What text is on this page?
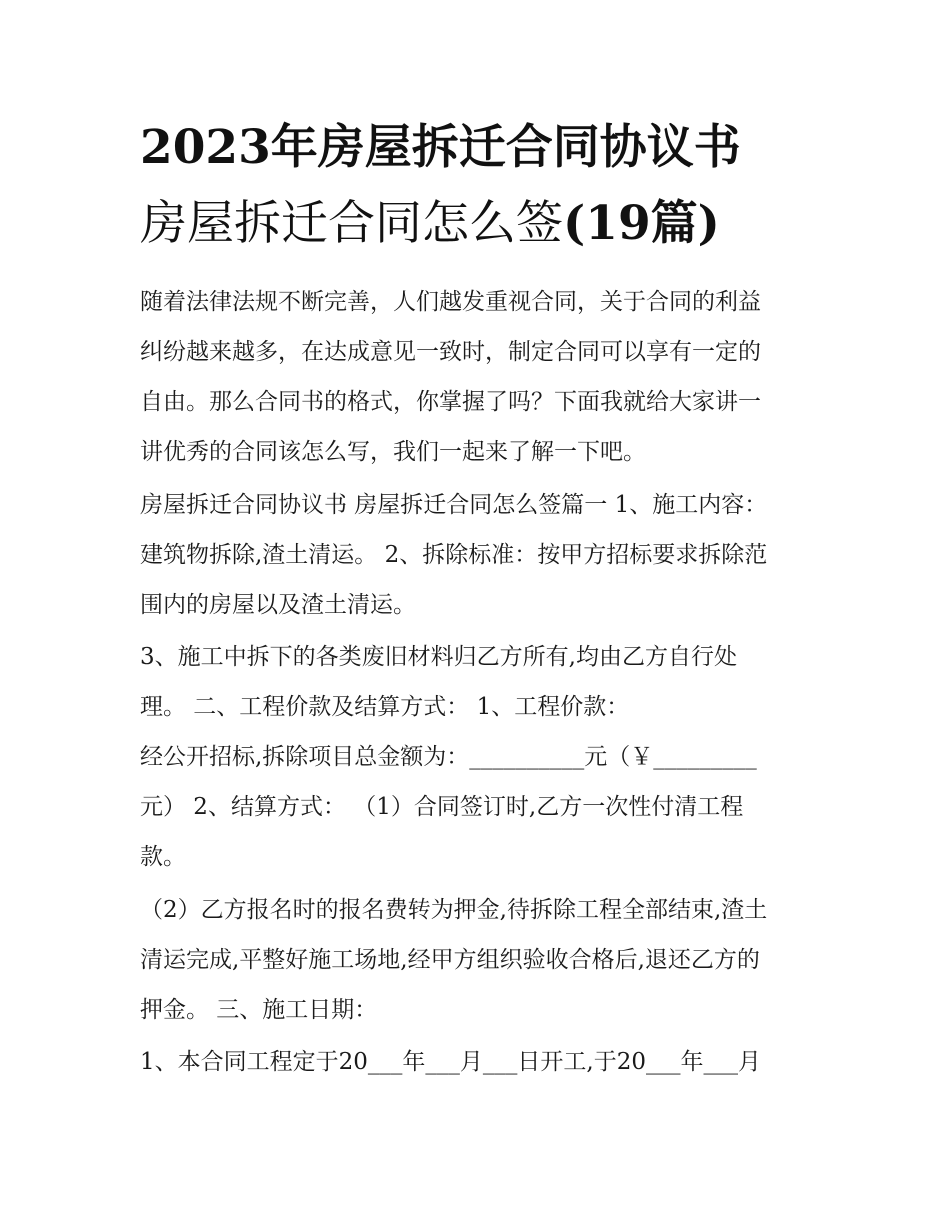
2023年房屋拆迁合同协议书
房屋拆迁合同怎么签(19篇)

随着法律法规不断完善，人们越发重视合同，关于合同的利益

纠纷越来越多，在达成意见一致时，制定合同可以享有一定的

自由。那么合同书的格式，你掌握了吗？下面我就给大家讲一

讲优秀的合同该怎么写，我们一起来了解一下吧。

房屋拆迁合同协议书 房屋拆迁合同怎么签篇一 1、施工内容：

建筑物拆除,渣土清运。 2、拆除标准：按甲方招标要求拆除范

围内的房屋以及渣土清运。

3、施工中拆下的各类废旧材料归乙方所有,均由乙方自行处

理。 二、工程价款及结算方式： 1、工程价款：

经公开招标,拆除项目总金额为：__________元（￥_________

元） 2、结算方式： （1）合同签订时,乙方一次性付清工程

款。

（2）乙方报名时的报名费转为押金,待拆除工程全部结束,渣土

清运完成,平整好施工场地,经甲方组织验收合格后,退还乙方的

押金。 三、施工日期：

1、本合同工程定于20___年___月___日开工,于20___年___月
